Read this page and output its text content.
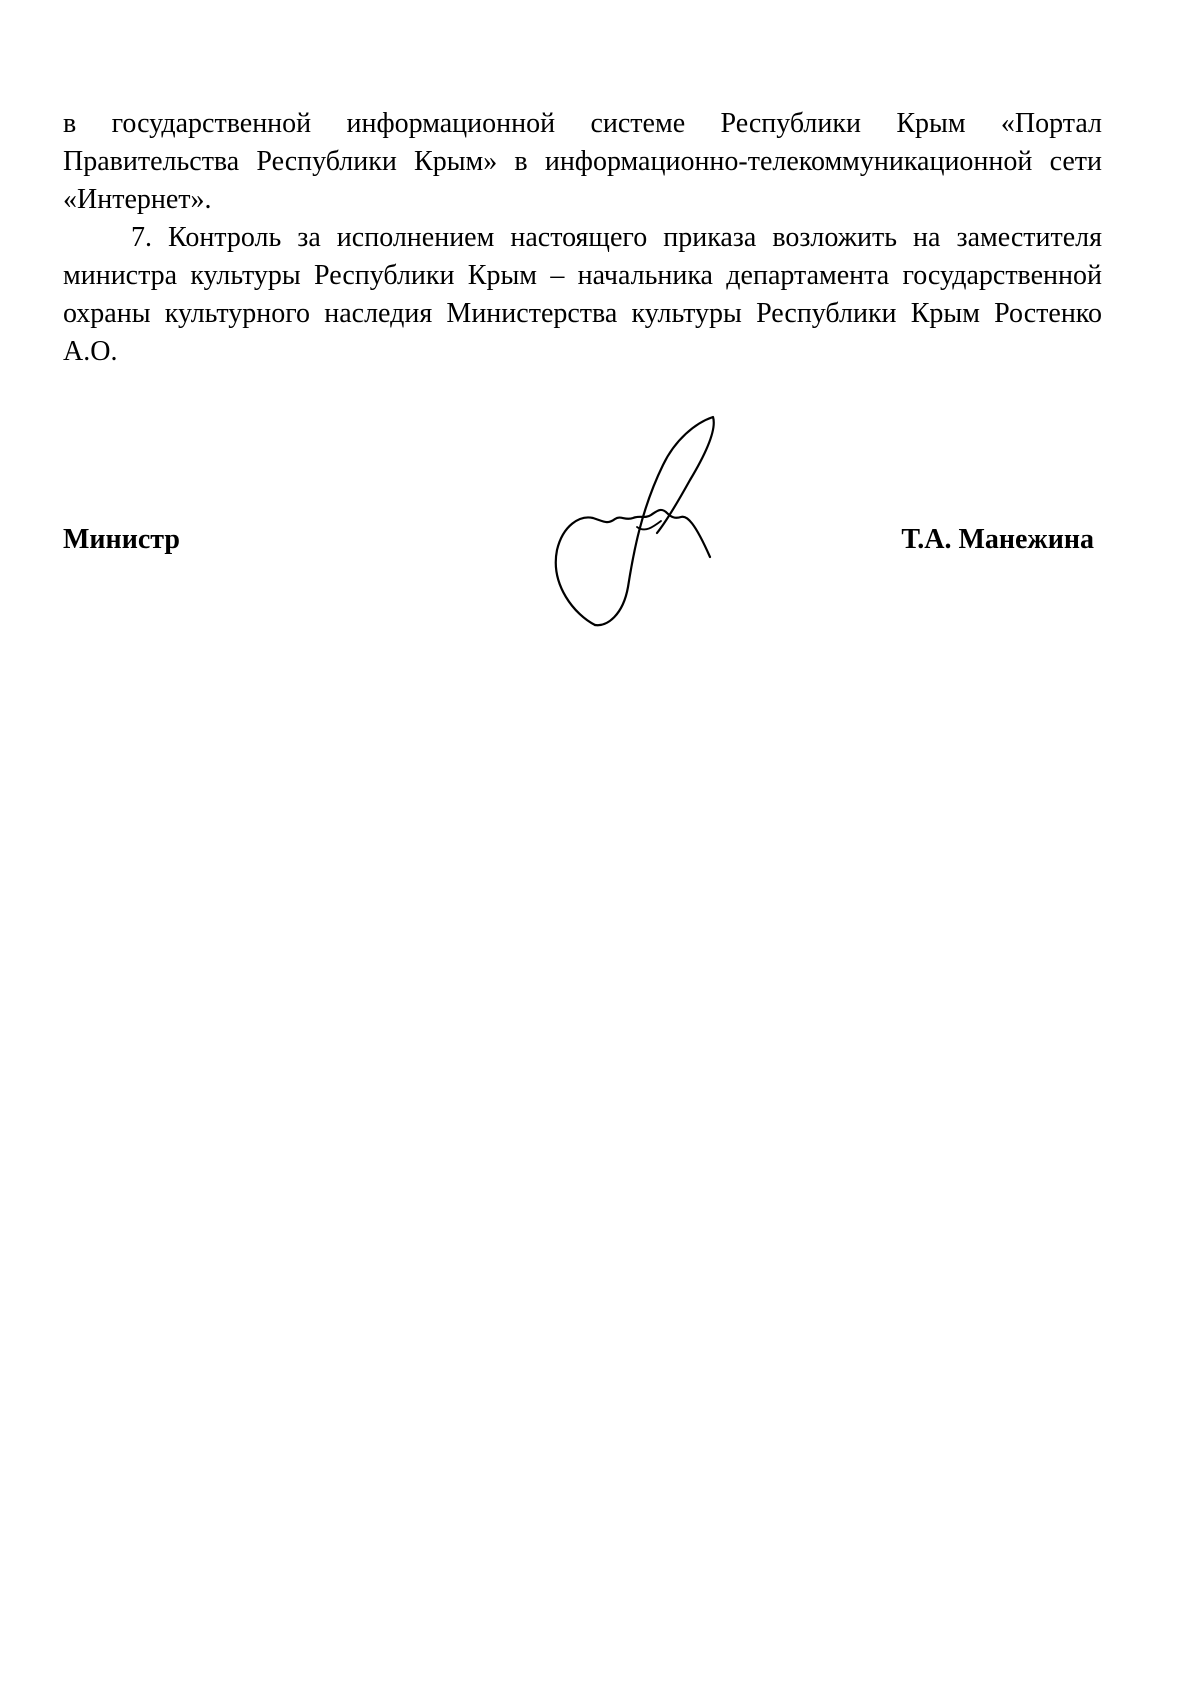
в государственной информационной системе Республики Крым «Портал Правительства Республики Крым» в информационно-телекоммуникационной сети «Интернет».

7. Контроль за исполнением настоящего приказа возложить на заместителя министра культуры Республики Крым – начальника департамента государственной охраны культурного наследия Министерства культуры Республики Крым Ростенко А.О.

Министр	Т.А. Манежина
